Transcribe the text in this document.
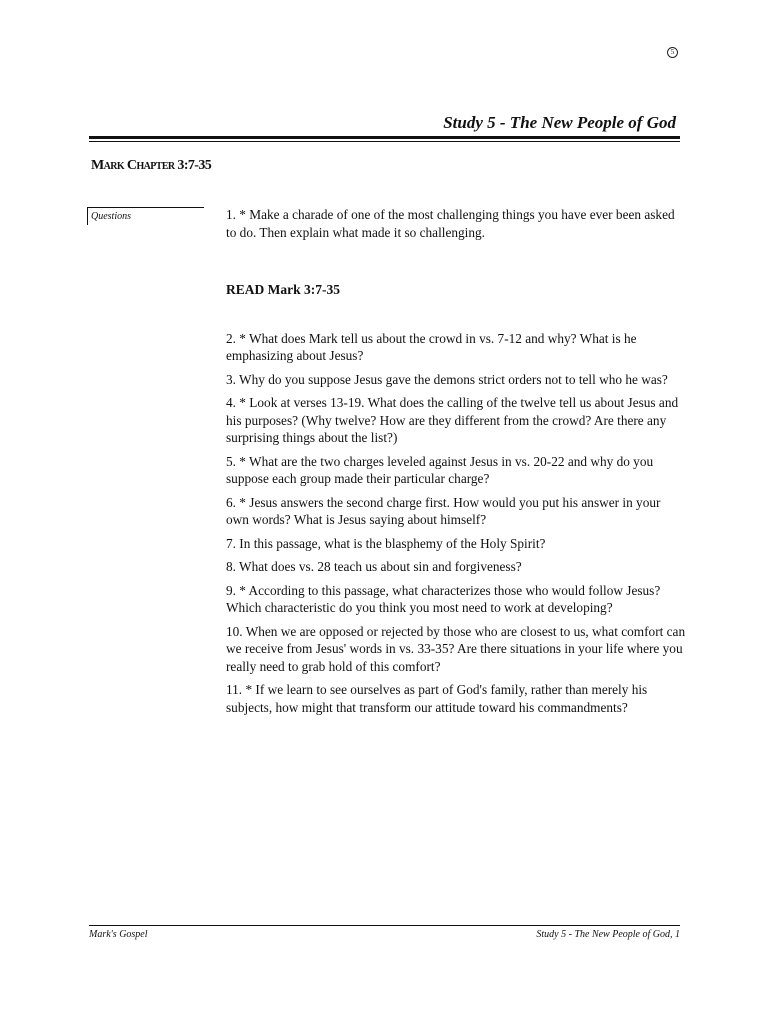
5
Study 5 - The New People of God
Mark Chapter 3:7-35
Questions	1. * Make a charade of one of the most challenging things you have ever been asked to do. Then explain what made it so challenging.

READ Mark 3:7-35

2. * What does Mark tell us about the crowd in vs. 7-12 and why? What is he emphasizing about Jesus?

3. Why do you suppose Jesus gave the demons strict orders not to tell who he was?

4. * Look at verses 13-19. What does the calling of the twelve tell us about Jesus and his purposes? (Why twelve? How are they different from the crowd? Are there any surprising things about the list?)

5. * What are the two charges leveled against Jesus in vs. 20-22 and why do you suppose each group made their particular charge?

6. * Jesus answers the second charge first. How would you put his answer in your own words? What is Jesus saying about himself?

7. In this passage, what is the blasphemy of the Holy Spirit?

8. What does vs. 28 teach us about sin and forgiveness?

9. * According to this passage, what characterizes those who would follow Jesus? Which characteristic do you think you most need to work at developing?

10. When we are opposed or rejected by those who are closest to us, what comfort can we receive from Jesus' words in vs. 33-35? Are there situations in your life where you really need to grab hold of this comfort?

11. * If we learn to see ourselves as part of God's family, rather than merely his subjects, how might that transform our attitude toward his commandments?

Mark's Gospel	Study 5 - The New People of God, 1
